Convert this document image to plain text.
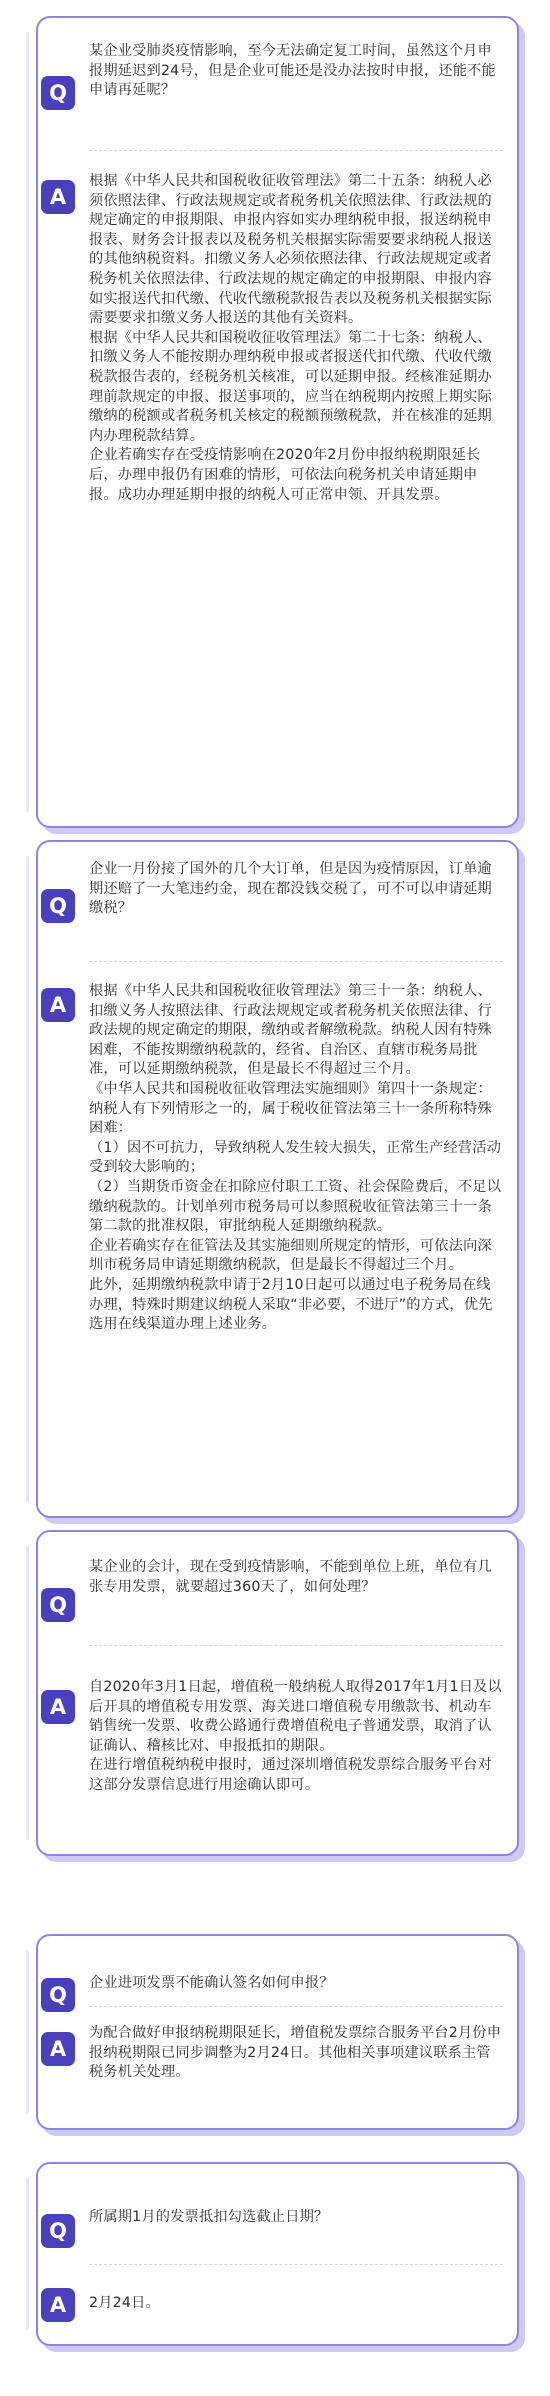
Q
某企业受肺炎疫情影响，至今无法确定复工时间，虽然这个月申报期延迟到24号，但是企业可能还是没办法按时申报，还能不能申请再延呢？
A
根据《中华人民共和国税收征收管理法》第二十五条：纳税人必须依照法律、行政法规规定或者税务机关依照法律、行政法规的规定确定的申报期限、申报内容如实办理纳税申报，报送纳税申报表、财务会计报表以及税务机关根据实际需要要求纳税人报送的其他纳税资料。扣缴义务人必须依照法律、行政法规规定或者税务机关依照法律、行政法规的规定确定的申报期限、申报内容如实报送代扣代缴、代收代缴税款报告表以及税务机关根据实际需要要求扣缴义务人报送的其他有关资料。
根据《中华人民共和国税收征收管理法》第二十七条：纳税人、扣缴义务人不能按期办理纳税申报或者报送代扣代缴、代收代缴税款报告表的，经税务机关核准，可以延期申报。经核准延期办理前款规定的申报、报送事项的，应当在纳税期内按照上期实际缴纳的税额或者税务机关核定的税额预缴税款，并在核准的延期内办理税款结算。
企业若确实存在受疫情影响在2020年2月份申报纳税期限延长后，办理申报仍有困难的情形，可依法向税务机关申请延期申报。成功办理延期申报的纳税人可正常申领、开具发票。
Q
企业一月份接了国外的几个大订单，但是因为疫情原因，订单逾期还赔了一大笔违约金，现在都没钱交税了，可不可以申请延期缴税？
A
根据《中华人民共和国税收征收管理法》第三十一条：纳税人、扣缴义务人按照法律、行政法规规定或者税务机关依照法律、行政法规的规定确定的期限，缴纳或者解缴税款。纳税人因有特殊困难，不能按期缴纳税款的，经省、自治区、直辖市税务局批准，可以延期缴纳税款，但是最长不得超过三个月。
《中华人民共和国税收征收管理法实施细则》第四十一条规定：纳税人有下列情形之一的，属于税收征管法第三十一条所称特殊困难：
（1）因不可抗力，导致纳税人发生较大损失，正常生产经营活动受到较大影响的；
（2）当期货币资金在扣除应付职工工资、社会保险费后，不足以缴纳税款的。计划单列市税务局可以参照税收征管法第三十一条第二款的批准权限，审批纳税人延期缴纳税款。
企业若确实存在征管法及其实施细则所规定的情形，可依法向深圳市税务局申请延期缴纳税款，但是最长不得超过三个月。
此外，延期缴纳税款申请于2月10日起可以通过电子税务局在线办理，特殊时期建议纳税人采取“非必要，不进厅”的方式，优先选用在线渠道办理上述业务。
Q
某企业的会计，现在受到疫情影响，不能到单位上班，单位有几张专用发票，就要超过360天了，如何处理？
A
自2020年3月1日起，增值税一般纳税人取得2017年1月1日及以后开具的增值税专用发票、海关进口增值税专用缴款书、机动车销售统一发票、收费公路通行费增值税电子普通发票，取消了认证确认、稽核比对、申报抵扣的期限。
在进行增值税纳税申报时，通过深圳增值税发票综合服务平台对这部分发票信息进行用途确认即可。
Q	企业进项发票不能确认签名如何申报？
A
为配合做好申报纳税期限延长，增值税发票综合服务平台2月份申报纳税期限已同步调整为2月24日。其他相关事项建议联系主管税务机关处理。
Q
所属期1月的发票抵扣勾选截止日期？
A	2月24日。
